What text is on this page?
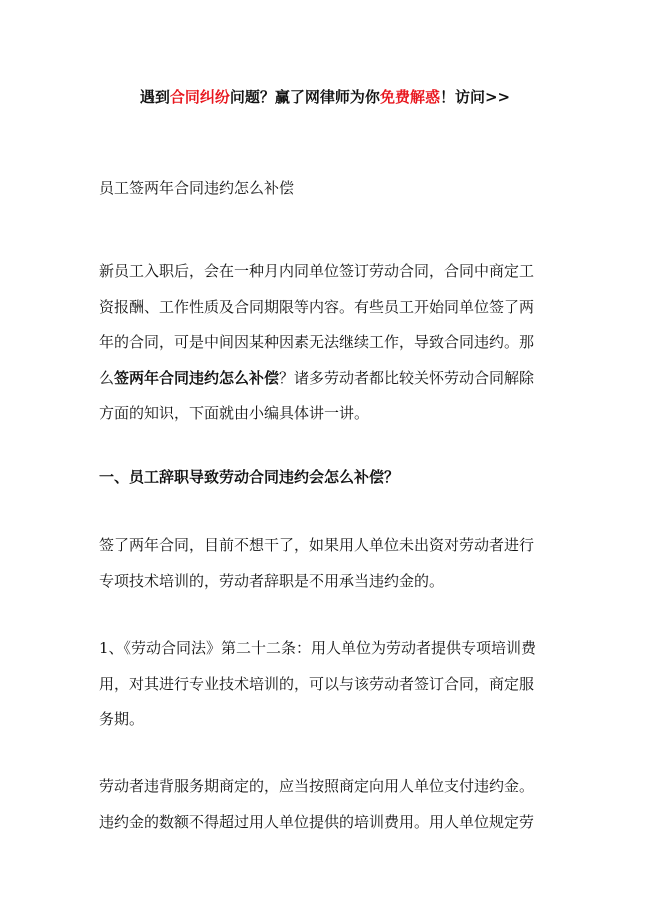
遇到合同纠纷问题？赢了网律师为你免费解惑！访问>>
员工签两年合同违约怎么补偿

新员工入职后，会在一种月内同单位签订劳动合同，合同中商定工
资报酬、工作性质及合同期限等内容。有些员工开始同单位签了两
年的合同，可是中间因某种因素无法继续工作，导致合同违约。那
么签两年合同违约怎么补偿？诸多劳动者都比较关怀劳动合同解除
方面的知识，下面就由小编具体讲一讲。

一、员工辞职导致劳动合同违约会怎么补偿？

签了两年合同，目前不想干了，如果用人单位未出资对劳动者进行
专项技术培训的，劳动者辞职是不用承当违约金的。

1、《劳动合同法》第二十二条：用人单位为劳动者提供专项培训费
用，对其进行专业技术培训的，可以与该劳动者签订合同，商定服
务期。

劳动者违背服务期商定的，应当按照商定向用人单位支付违约金。
违约金的数额不得超过用人单位提供的培训费用。用人单位规定劳
